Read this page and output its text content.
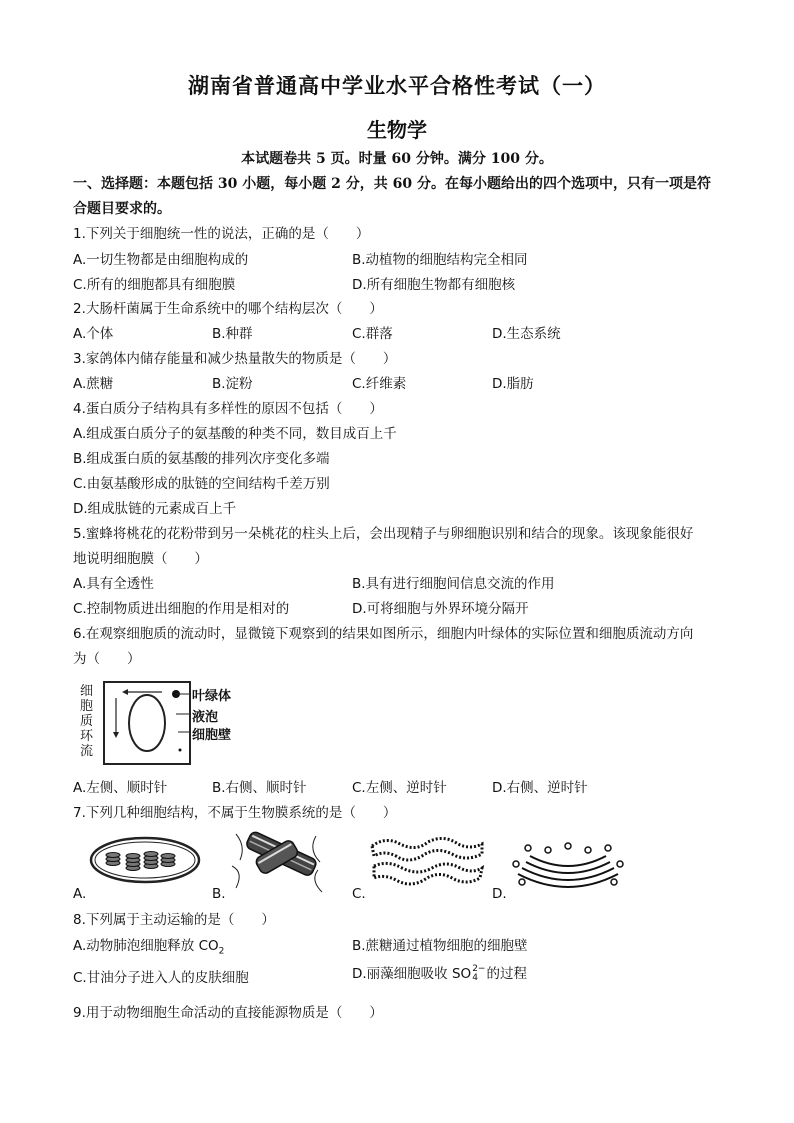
湖南省普通高中学业水平合格性考试（一）
生物学
本试题卷共 5 页。时量 60 分钟。满分 100 分。
一、选择题：本题包括 30 小题，每小题 2 分，共 60 分。在每小题给出的四个选项中，只有一项是符合题目要求的。
1.下列关于细胞统一性的说法，正确的是（　　）
A.一切生物都是由细胞构成的	B.动植物的细胞结构完全相同
C.所有的细胞都具有细胞膜	D.所有细胞生物都有细胞核
2.大肠杆菌属于生命系统中的哪个结构层次（　　）
A.个体	B.种群	C.群落	D.生态系统
3.家鸽体内储存能量和减少热量散失的物质是（　　）
A.蔗糖	B.淀粉	C.纤维素	D.脂肪
4.蛋白质分子结构具有多样性的原因不包括（　　）
A.组成蛋白质分子的氨基酸的种类不同，数目成百上千
B.组成蛋白质的氨基酸的排列次序变化多端
C.由氨基酸形成的肽链的空间结构千差万别
D.组成肽链的元素成百上千
5.蜜蜂将桃花的花粉带到另一朵桃花的柱头上后，会出现精子与卵细胞识别和结合的现象。该现象能很好
地说明细胞膜（　　）
A.具有全透性	B.具有进行细胞间信息交流的作用
C.控制物质进出细胞的作用是相对的	D.可将细胞与外界环境分隔开
6.在观察细胞质的流动时，显微镜下观察到的结果如图所示，细胞内叶绿体的实际位置和细胞质流动方向
为（　　）
细
胞
质
环
流
叶绿体
液泡
细胞壁
A.左侧、顺时针	B.右侧、顺时针	C.左侧、逆时针	D.右侧、逆时针
7.下列几种细胞结构，不属于生物膜系统的是（　　）
A.	B.	C.	D.
8.下列属于主动运输的是（　　）
A.动物肺泡细胞释放 $CO_2$	B.蔗糖通过植物细胞的细胞壁
C.甘油分子进入人的皮肤细胞	D.丽藻细胞吸收 SO 2−
4 的过程
9.用于动物细胞生命活动的直接能源物质是（　　）
